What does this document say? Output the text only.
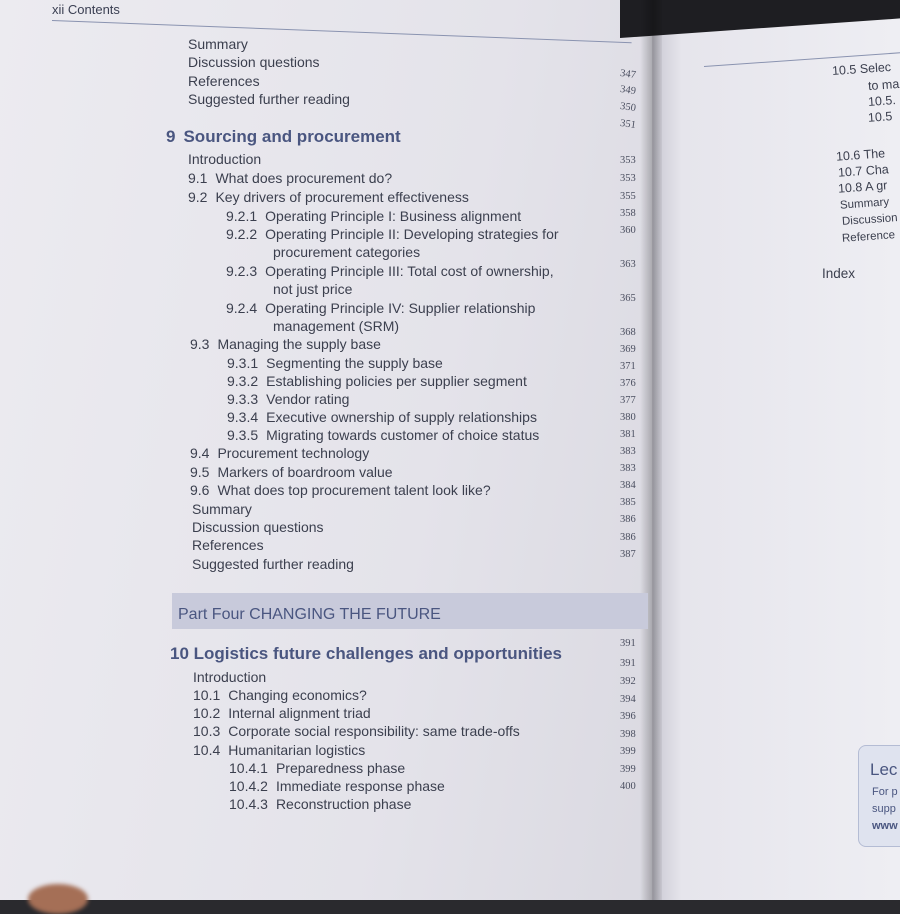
xii Contents
Summary
Discussion questions
References
Suggested further reading
9 Sourcing and procurement
Introduction
9.1 What does procurement do?
9.2 Key drivers of procurement effectiveness
9.2.1 Operating Principle I: Business alignment
9.2.2 Operating Principle II: Developing strategies for
procurement categories
9.2.3 Operating Principle III: Total cost of ownership,
not just price
9.2.4 Operating Principle IV: Supplier relationship
management (SRM)
9.3 Managing the supply base
9.3.1 Segmenting the supply base
9.3.2 Establishing policies per supplier segment
9.3.3 Vendor rating
9.3.4 Executive ownership of supply relationships
9.3.5 Migrating towards customer of choice status
9.4 Procurement technology
9.5 Markers of boardroom value
9.6 What does top procurement talent look like?
Summary
Discussion questions
References
Suggested further reading
Part Four CHANGING THE FUTURE
10 Logistics future challenges and opportunities
Introduction
10.1 Changing economics?
10.2 Internal alignment triad
10.3 Corporate social responsibility: same trade-offs
10.4 Humanitarian logistics
10.4.1 Preparedness phase
10.4.2 Immediate response phase
10.4.3 Reconstruction phase
347
349
350
351
353
353
355
358
360
363
365
368
369
371
376
377
380
381
383
383
384
385
386
386
387
391
391
392
394
396
398
399
399
400
10.5 Selec
to ma
10.5.
10.5
10.6 The
10.7 Cha
10.8 A gr
Summary
Discussion
Reference
Index
Lec
For p
supp
www
